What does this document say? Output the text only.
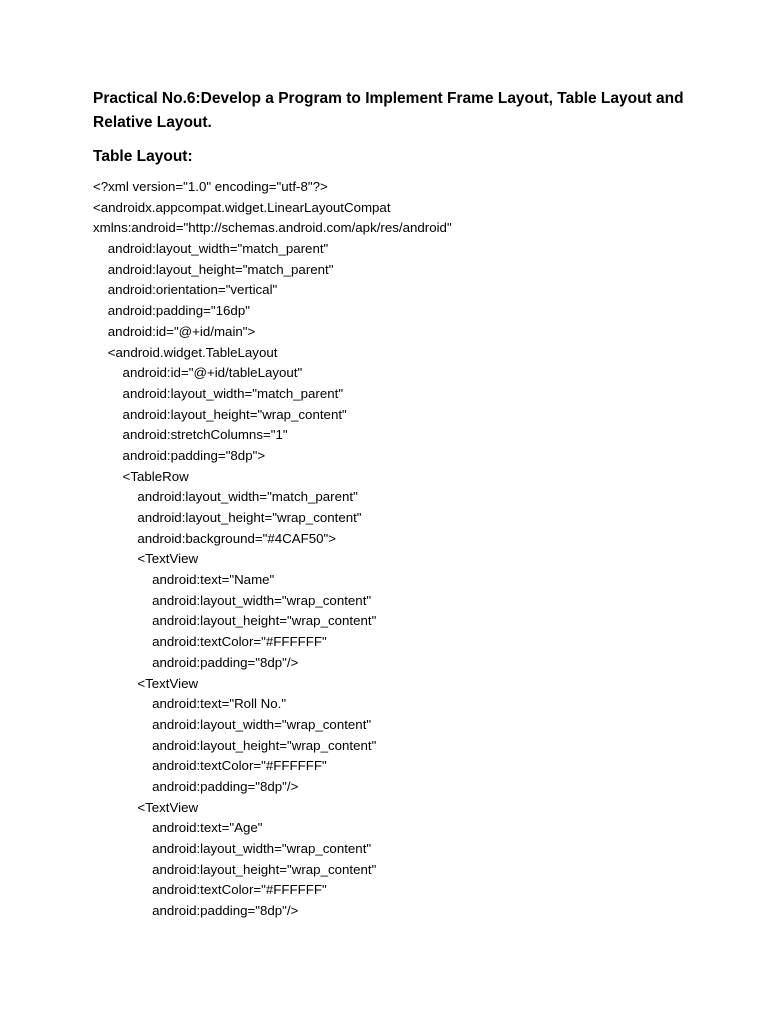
Practical No.6:Develop a Program to Implement Frame Layout, Table Layout and Relative Layout.
Table Layout:
<?xml version="1.0" encoding="utf-8"?>
<androidx.appcompat.widget.LinearLayoutCompat
xmlns:android="http://schemas.android.com/apk/res/android"
android:layout_width="match_parent"
android:layout_height="match_parent"
android:orientation="vertical"
android:padding="16dp"
android:id="@+id/main">
<android.widget.TableLayout
android:id="@+id/tableLayout"
android:layout_width="match_parent"
android:layout_height="wrap_content"
android:stretchColumns="1"
android:padding="8dp">
<TableRow
android:layout_width="match_parent"
android:layout_height="wrap_content"
android:background="#4CAF50">
<TextView
android:text="Name"
android:layout_width="wrap_content"
android:layout_height="wrap_content"
android:textColor="#FFFFFF"
android:padding="8dp"/>
<TextView
android:text="Roll No."
android:layout_width="wrap_content"
android:layout_height="wrap_content"
android:textColor="#FFFFFF"
android:padding="8dp"/>
<TextView
android:text="Age"
android:layout_width="wrap_content"
android:layout_height="wrap_content"
android:textColor="#FFFFFF"
android:padding="8dp"/>
